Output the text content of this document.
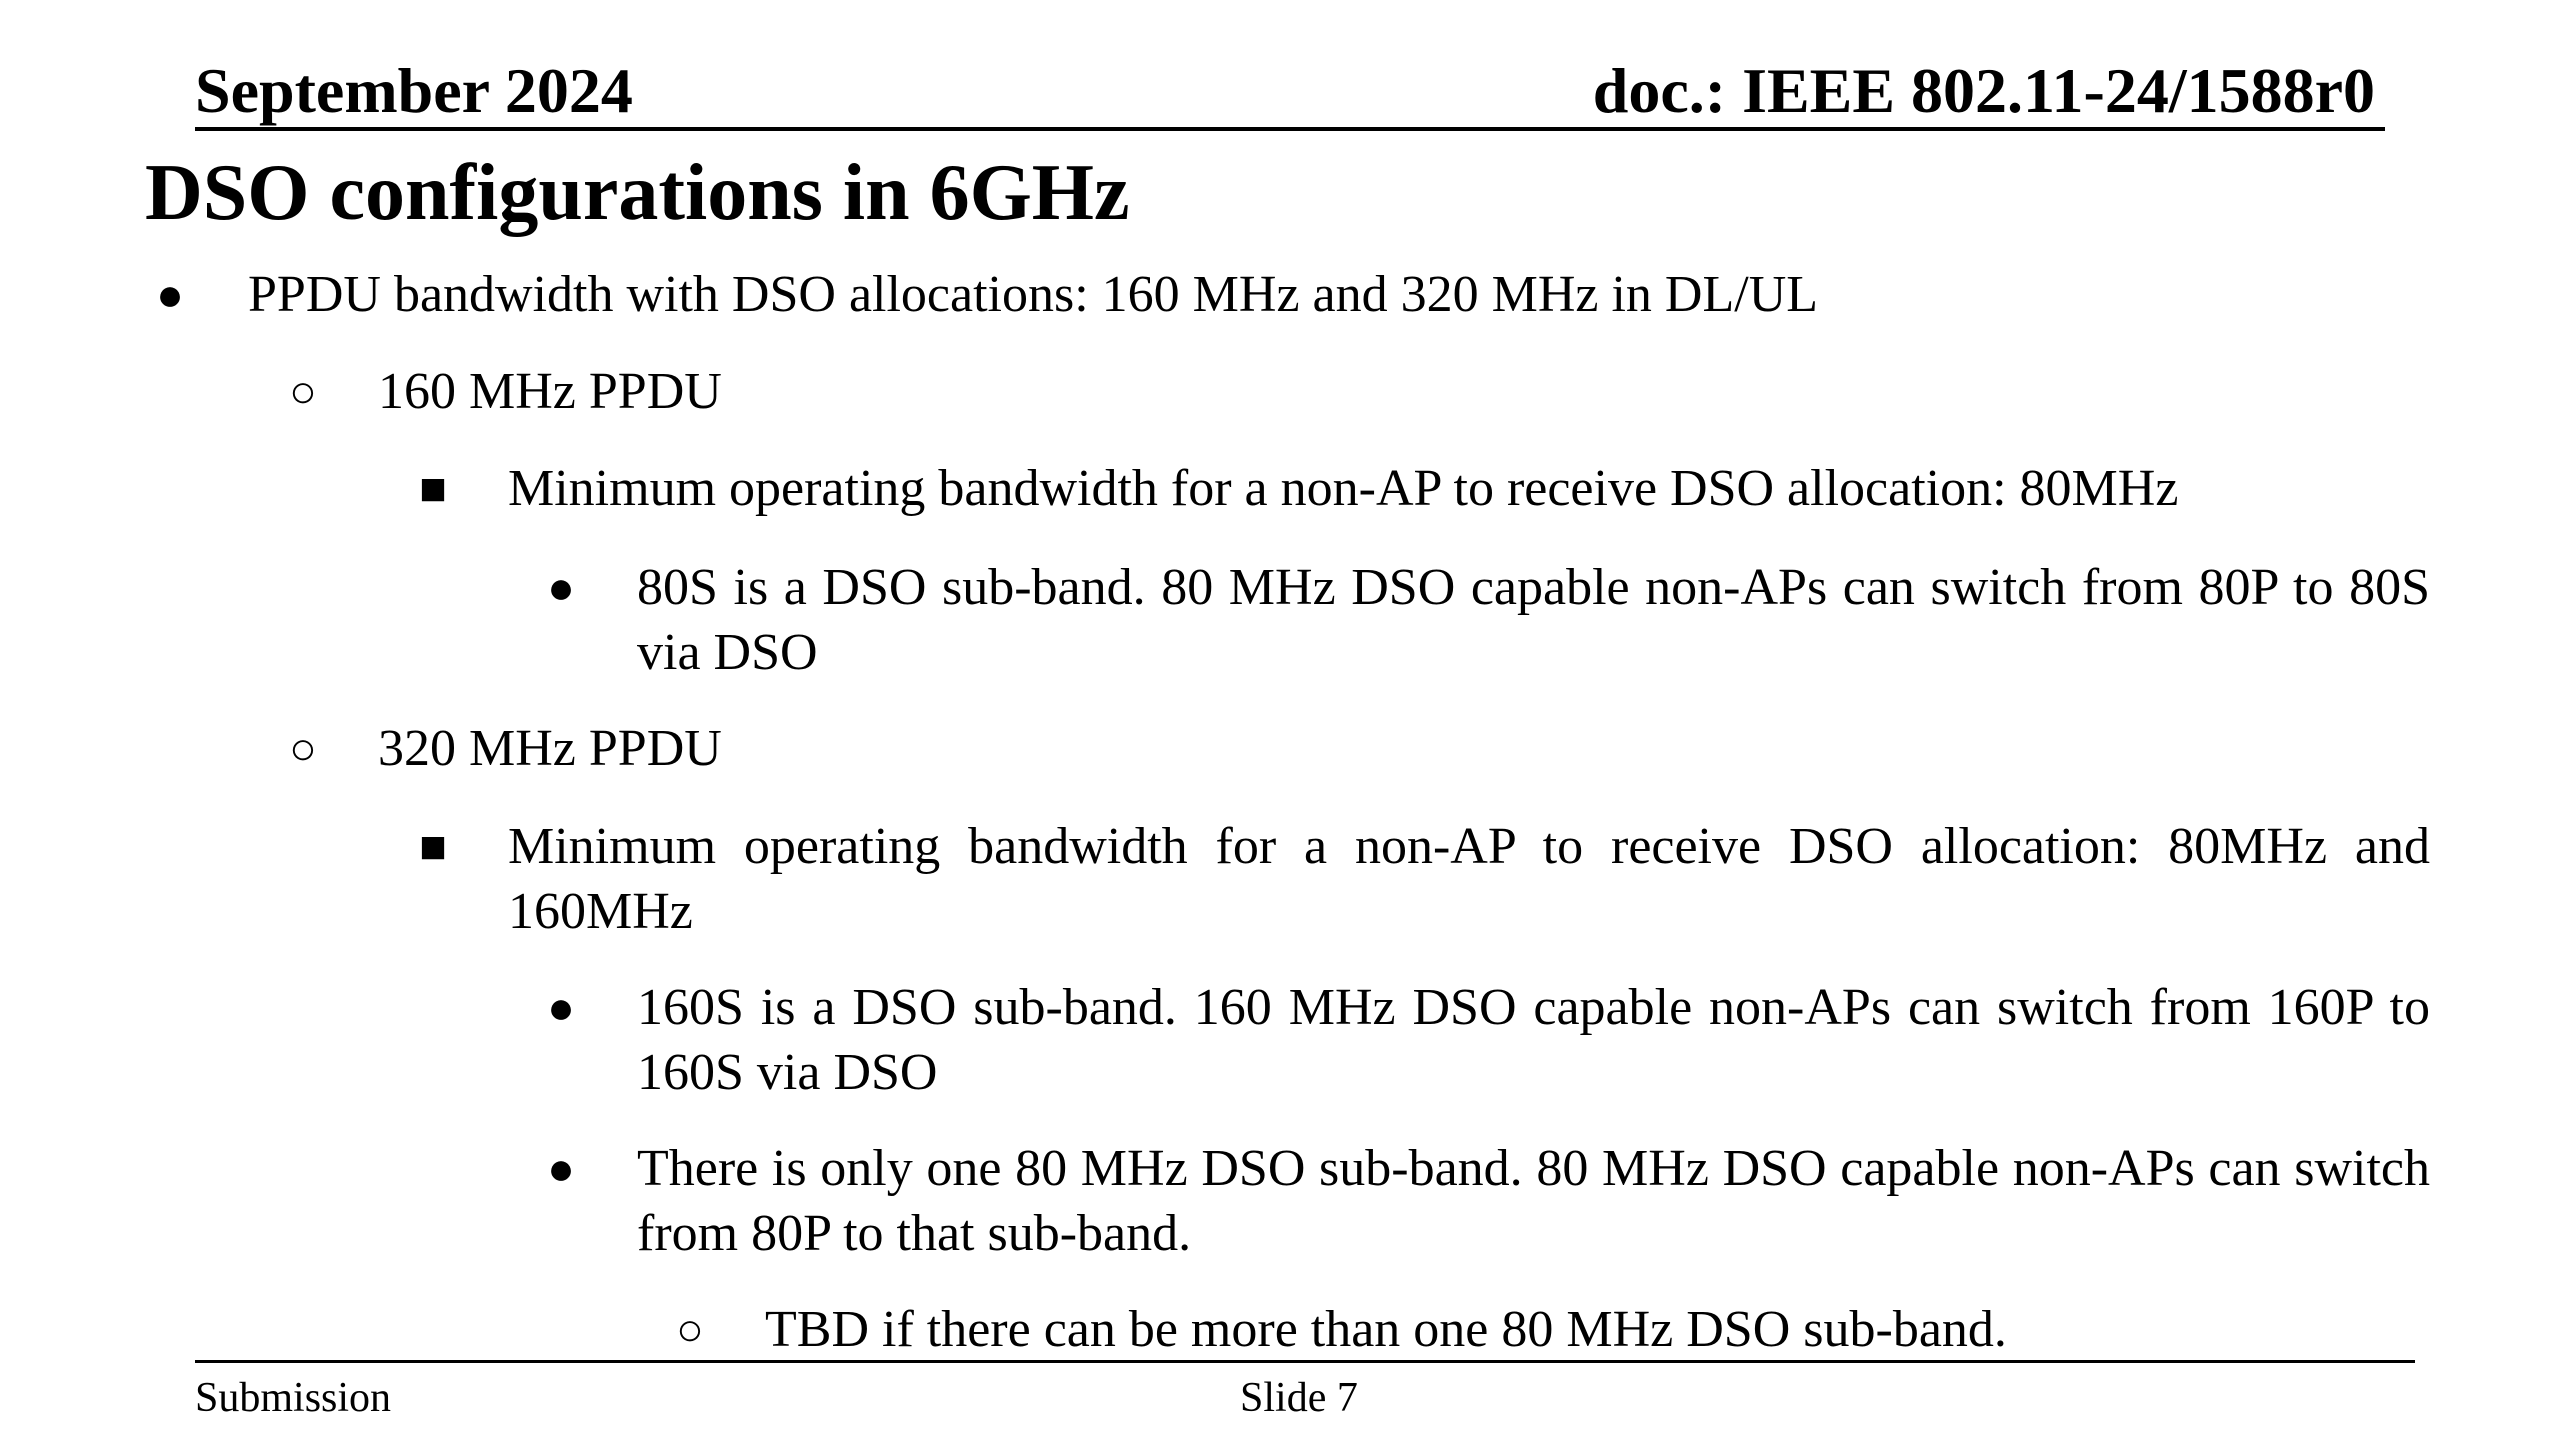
September 2024	doc.: IEEE 802.11-24/1588r0
DSO configurations in 6GHz
● PPDU bandwidth with DSO allocations: 160 MHz and 320 MHz in DL/UL
○ 160 MHz PPDU
■ Minimum operating bandwidth for a non-AP to receive DSO allocation: 80MHz
● 80S is a DSO sub-band. 80 MHz DSO capable non-APs can switch from 80P to 80S via DSO
○ 320 MHz PPDU
■ Minimum operating bandwidth for a non-AP to receive DSO allocation: 80MHz and 160MHz
● 160S is a DSO sub-band. 160 MHz DSO capable non-APs can switch from 160P to 160S via DSO
● There is only one 80 MHz DSO sub-band. 80 MHz DSO capable non-APs can switch from 80P to that sub-band.
○ TBD if there can be more than one 80 MHz DSO sub-band.
Submission	Slide 7
